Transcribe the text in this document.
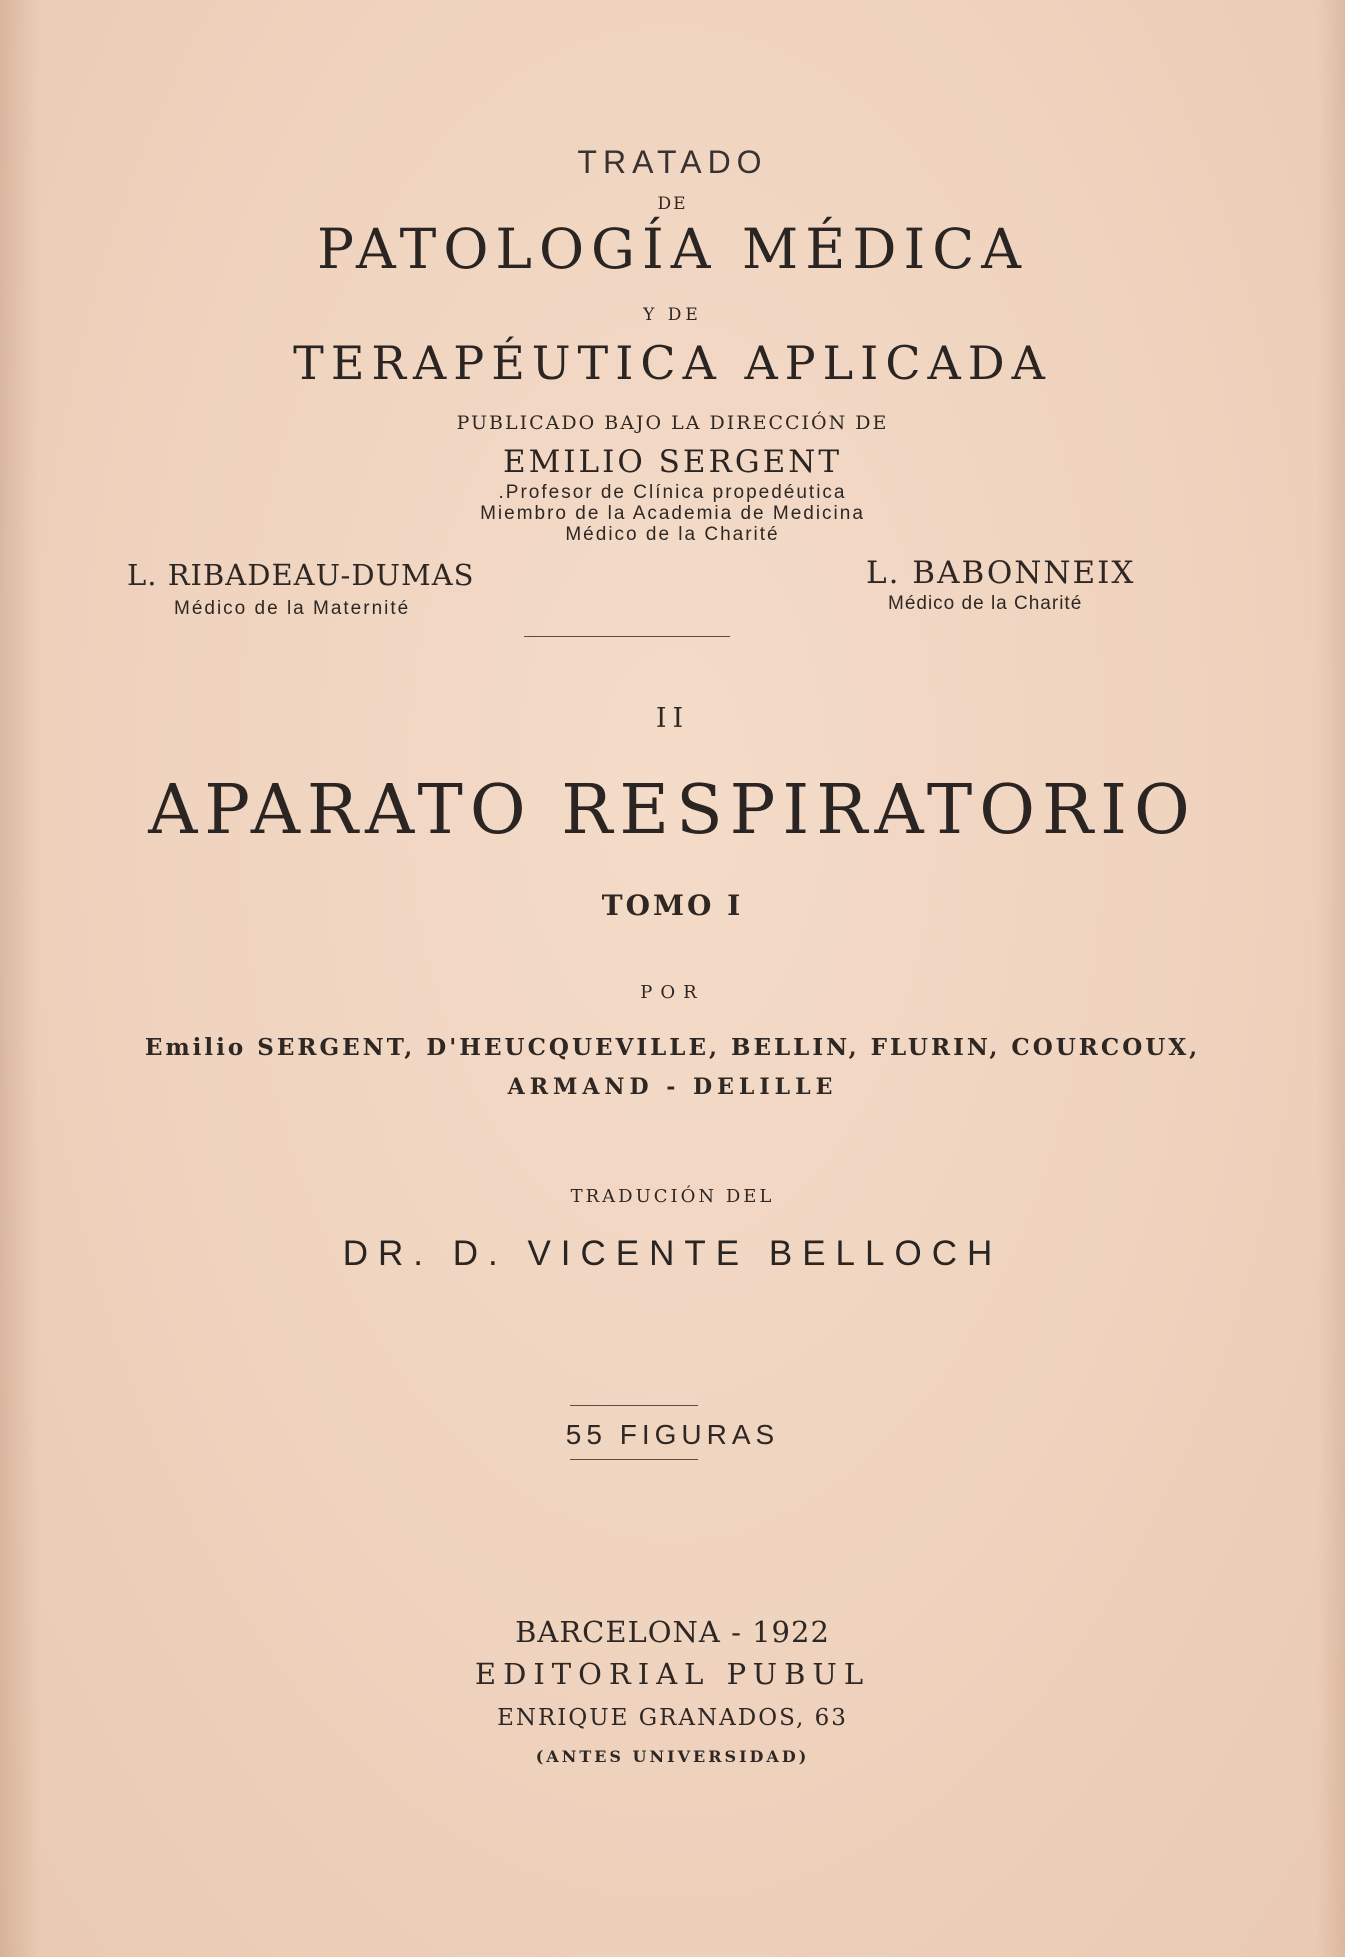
TRATADO
DE
PATOLOGÍA MÉDICA
Y DE
TERAPÉUTICA APLICADA
PUBLICADO BAJO LA DIRECCIÓN DE
EMILIO SERGENT
.Profesor de Clínica propedéutica
Miembro de la Academia de Medicina
Médico de la Charité
L. RIBADEAU-DUMAS
Médico de la Maternité
L. BABONNEIX
Médico de la Charité
II
APARATO RESPIRATORIO
TOMO I
POR
Emilio SERGENT, D'HEUCQUEVILLE, BELLIN, FLURIN, COURCOUX,
ARMAND - DELILLE
TRADUCIÓN DEL
DR. D. VICENTE BELLOCH
55 FIGURAS
BARCELONA - 1922
EDITORIAL PUBUL
ENRIQUE GRANADOS, 63
(ANTES UNIVERSIDAD)
